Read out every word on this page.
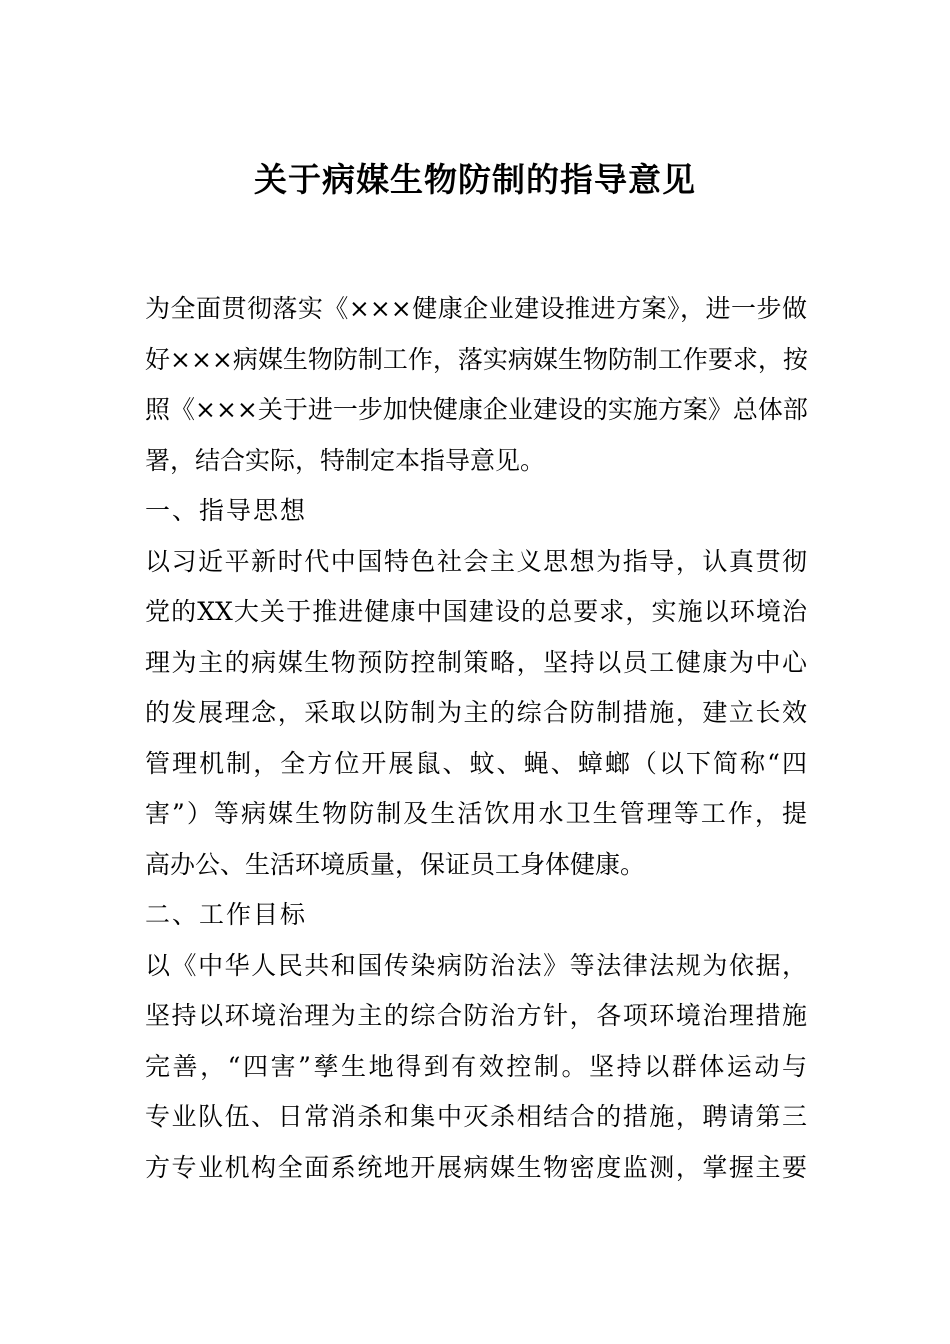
关于病媒生物防制的指导意见
为全面贯彻落实《×××健康企业建设推进方案》，进一步做
好×××病媒生物防制工作，落实病媒生物防制工作要求，按
照《×××关于进一步加快健康企业建设的实施方案》总体部
署，结合实际，特制定本指导意见。
一、指导思想
以习近平新时代中国特色社会主义思想为指导，认真贯彻
党的XX大关于推进健康中国建设的总要求，实施以环境治
理为主的病媒生物预防控制策略，坚持以员工健康为中心
的发展理念，采取以防制为主的综合防制措施，建立长效
管理机制，全方位开展鼠、蚊、蝇、蟑螂（以下简称“四
害”）等病媒生物防制及生活饮用水卫生管理等工作，提
高办公、生活环境质量，保证员工身体健康。
二、工作目标
以《中华人民共和国传染病防治法》等法律法规为依据，
坚持以环境治理为主的综合防治方针，各项环境治理措施
完善，“四害”孳生地得到有效控制。坚持以群体运动与
专业队伍、日常消杀和集中灭杀相结合的措施，聘请第三
方专业机构全面系统地开展病媒生物密度监测，掌握主要
